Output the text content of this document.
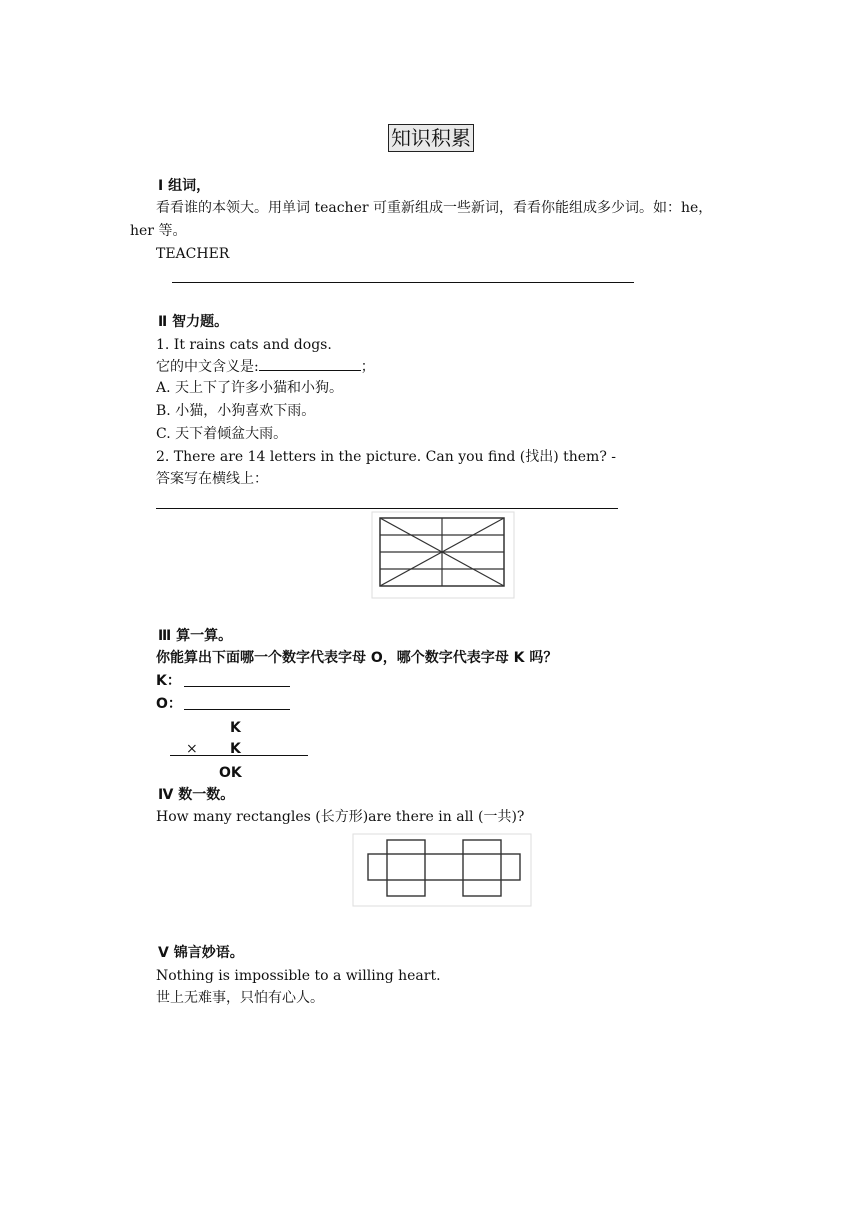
知识积累
Ⅰ 组词，
看看谁的本领大。用单词 teacher 可重新组成一些新词，看看你能组成多少词。如：he，
her 等。
TEACHER
Ⅱ 智力题。
1. It rains cats and dogs.
它的中文含义是:	；
A. 天上下了许多小猫和小狗。
B. 小猫，小狗喜欢下雨。
C. 天下着倾盆大雨。
2. There are 14 letters in the picture. Can you find (找出) them? -
答案写在横线上：
Ⅲ 算一算。
你能算出下面哪一个数字代表字母 O，哪个数字代表字母 K 吗？
K：
O：
K
× K
OK
Ⅳ 数一数。
How many rectangles (长方形)are there in all (一共)?
Ⅴ 锦言妙语。
Nothing is impossible to a willing heart.
世上无难事，只怕有心人。
